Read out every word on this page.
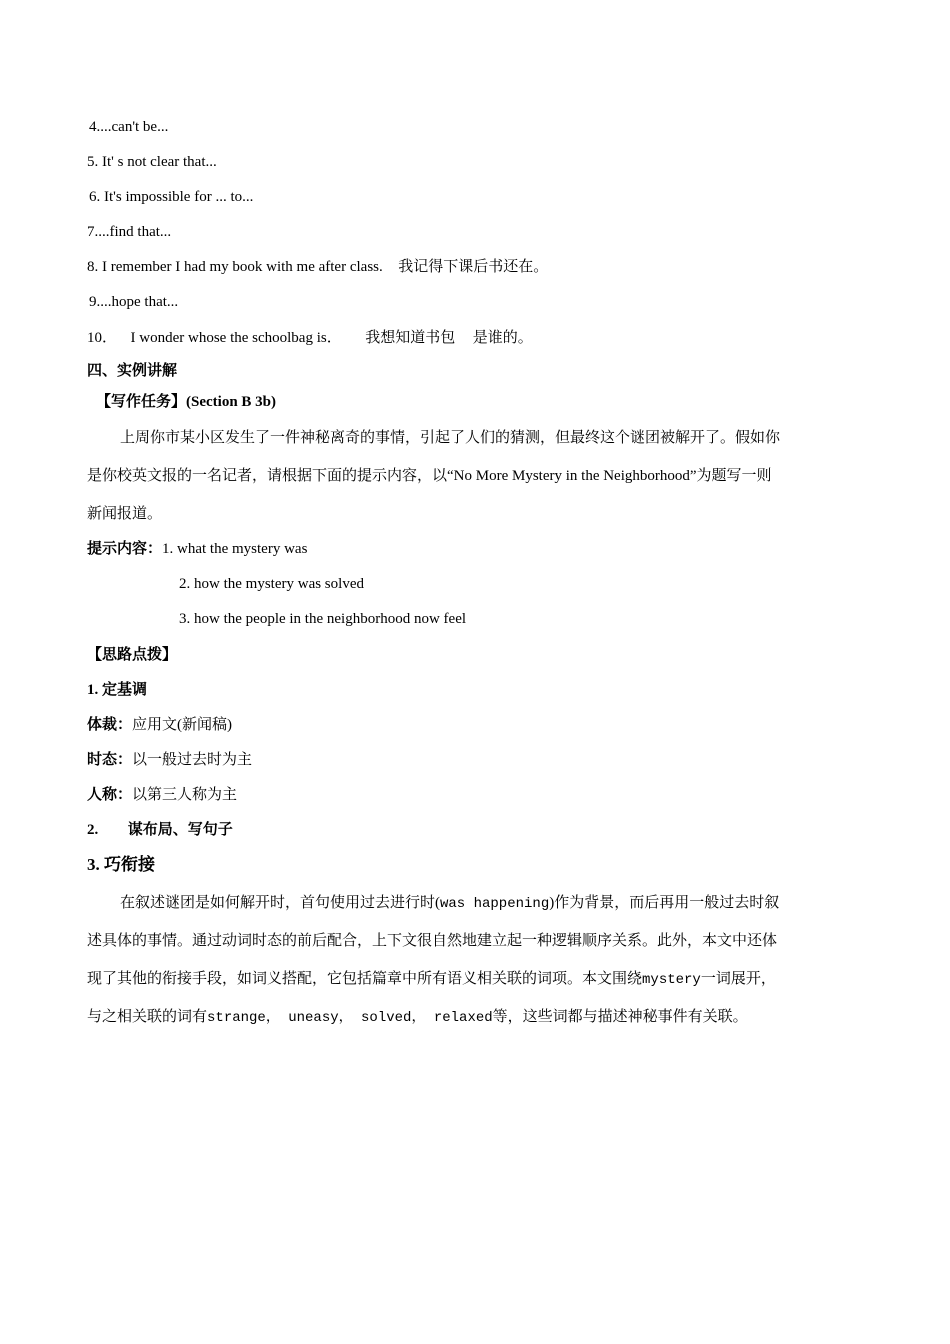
4....can't be...
5. It' s not clear that...
6. It's impossible for ... to...
7....find that...
8. I remember I had my book with me after class. 我记得下课后书还在。
9....hope that...
10． I wonder whose the schoolbag is． 我想知道书包 是谁的。
四、实例讲解
【写作任务】(Section B 3b)
上周你市某小区发生了一件神秘离奇的事情，引起了人们的猜测，但最终这个谜团被解开了。假如你
是你校英文报的一名记者，请根据下面的提示内容，以“No More Mystery in the Neighborhood”为题写一则
新闻报道。
提示内容：1. what the mystery was
2. how the mystery was solved
3. how the people in the neighborhood now feel
【思路点拨】
1. 定基调
体裁：应用文(新闻稿)
时态：以一般过去时为主
人称：以第三人称为主
2. 谋布局、写句子
3. 巧衔接
在叙述谜团是如何解开时，首句使用过去进行时(was happening)作为背景，而后再用一般过去时叙
述具体的事情。通过动词时态的前后配合，上下文很自然地建立起一种逻辑顺序关系。此外，本文中还体
现了其他的衔接手段，如词义搭配，它包括篇章中所有语义相关联的词项。本文围绕mystery一词展开，
与之相关联的词有strange， uneasy， solved， relaxed等，这些词都与描述神秘事件有关联。
